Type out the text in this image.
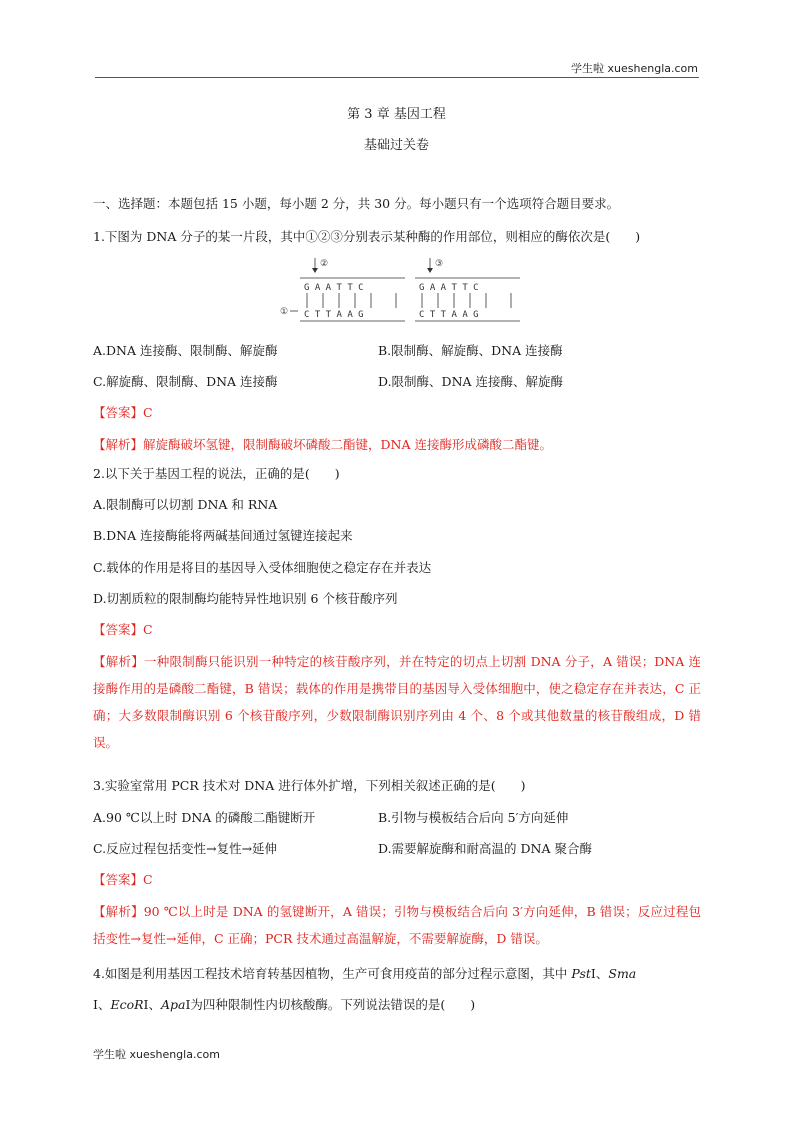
学生啦 xueshengla.com
第 3 章 基因工程
基础过关卷
一、选择题：本题包括 15 小题，每小题 2 分，共 30 分。每小题只有一个选项符合题目要求。
1.下图为 DNA 分子的某一片段，其中①②③分别表示某种酶的作用部位，则相应的酶依次是(　　)
G A A T T C
C T T A A G
②
①
G A A T T C
C T T A A G
③
A.DNA 连接酶、限制酶、解旋酶	B.限制酶、解旋酶、DNA 连接酶
C.解旋酶、限制酶、DNA 连接酶	D.限制酶、DNA 连接酶、解旋酶
【答案】C
【解析】解旋酶破坏氢键，限制酶破坏磷酸二酯键，DNA 连接酶形成磷酸二酯键。
2.以下关于基因工程的说法，正确的是(　　)
A.限制酶可以切割 DNA 和 RNA
B.DNA 连接酶能将两碱基间通过氢键连接起来
C.载体的作用是将目的基因导入受体细胞使之稳定存在并表达
D.切割质粒的限制酶均能特异性地识别 6 个核苷酸序列
【答案】C
【解析】一种限制酶只能识别一种特定的核苷酸序列，并在特定的切点上切割 DNA 分子，A 错误；DNA 连接酶作用的是磷酸二酯键，B 错误；载体的作用是携带目的基因导入受体细胞中，使之稳定存在并表达，C 正确；大多数限制酶识别 6 个核苷酸序列，少数限制酶识别序列由 4 个、8 个或其他数量的核苷酸组成，D 错误。
3.实验室常用 PCR 技术对 DNA 进行体外扩增，下列相关叙述正确的是(　　)
A.90 ℃以上时 DNA 的磷酸二酯键断开	B.引物与模板结合后向 5′方向延伸
C.反应过程包括变性→复性→延伸	D.需要解旋酶和耐高温的 DNA 聚合酶
【答案】C
【解析】90 ℃以上时是 DNA 的氢键断开，A 错误；引物与模板结合后向 3′方向延伸，B 错误；反应过程包括变性→复性→延伸，C 正确；PCR 技术通过高温解旋，不需要解旋酶，D 错误。
4.如图是利用基因工程技术培育转基因植物，生产可食用疫苗的部分过程示意图，其中 PstⅠ、Sma
Ⅰ、EcoRⅠ、ApaⅠ为四种限制性内切核酸酶。下列说法错误的是(　　)
学生啦 xueshengla.com
